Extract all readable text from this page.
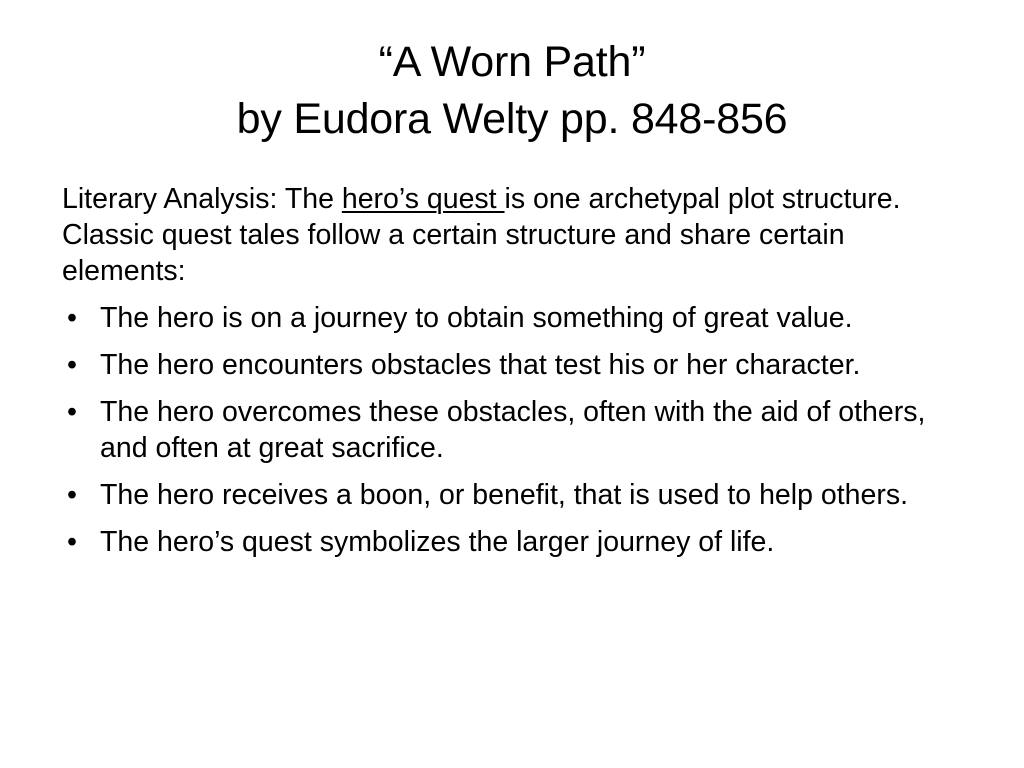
“A Worn Path”
by Eudora Welty pp. 848-856

Literary Analysis: The hero’s quest is one archetypal plot structure. Classic quest tales follow a certain structure and share certain elements:

• The hero is on a journey to obtain something of great value.
• The hero encounters obstacles that test his or her character.
• The hero overcomes these obstacles, often with the aid of others, and often at great sacrifice.
• The hero receives a boon, or benefit, that is used to help others.
• The hero’s quest symbolizes the larger journey of life.
